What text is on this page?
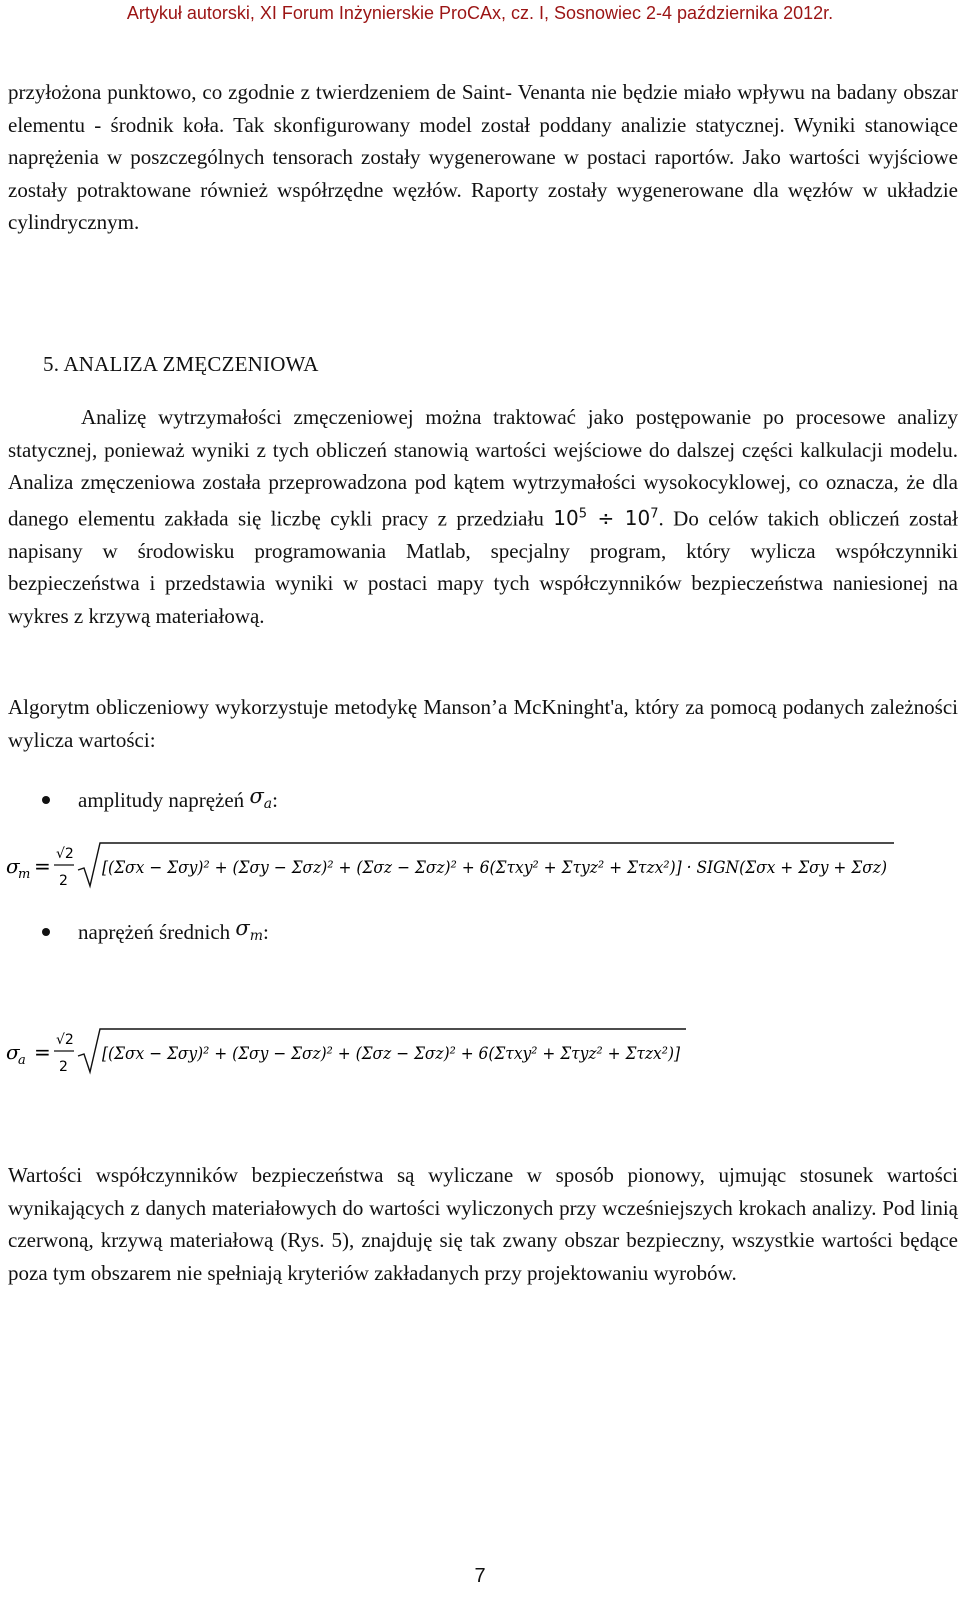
Artykuł autorski, XI Forum Inżynierskie ProCAx, cz. I, Sosnowiec 2-4 października 2012r.

przyłożona punktowo, co zgodnie z twierdzeniem de Saint- Venanta nie będzie miało wpływu na badany obszar elementu - środnik koła. Tak skonfigurowany model został poddany analizie statycznej. Wyniki stanowiące naprężenia w poszczególnych tensorach zostały wygenerowane w postaci raportów. Jako wartości wyjściowe zostały potraktowane również współrzędne węzłów. Raporty zostały wygenerowane dla węzłów w układzie cylindrycznym.

5. ANALIZA ZMĘCZENIOWA

Analizę wytrzymałości zmęczeniowej można traktować jako postępowanie po procesowe analizy statycznej, ponieważ wyniki z tych obliczeń stanowią wartości wejściowe do dalszej części kalkulacji modelu. Analiza zmęczeniowa została przeprowadzona pod kątem wytrzymałości wysokocyklowej, co oznacza, że dla danego elementu zakłada się liczbę cykli pracy z przedziału $10^5 \div 10^7$. Do celów takich obliczeń został napisany w środowisku programowania Matlab, specjalny program, który wylicza współczynniki bezpieczeństwa i przedstawia wyniki w postaci mapy tych współczynników bezpieczeństwa naniesionej na wykres z krzywą materiałową.

Algorytm obliczeniowy wykorzystuje metodykę Manson’a McKninght'a, który za pomocą podanych zależności wylicza wartości:

amplitudy naprężeń
$\sigma_a$ :
σ
m = √2
2
[(Σσx − Σσy)² + (Σσy − Σσz)² + (Σσz − Σσz)² + 6(Στxy² + Στyz² + Στzx²)] · SIGN(Σσx + Σσy + Σσz)
naprężeń średnich
$\sigma_m$ :
σ
a = √2
2
[(Σσx − Σσy)² + (Σσy − Σσz)² + (Σσz − Σσz)² + 6(Στxy² + Στyz² + Στzx²)]

Wartości współczynników bezpieczeństwa są wyliczane w sposób pionowy, ujmując stosunek wartości wynikających z danych materiałowych do wartości wyliczonych przy wcześniejszych krokach analizy. Pod linią czerwoną, krzywą materiałową (Rys. 5), znajduję się tak zwany obszar bezpieczny, wszystkie wartości będące poza tym obszarem nie spełniają kryteriów zakładanych przy projektowaniu wyrobów.

7
